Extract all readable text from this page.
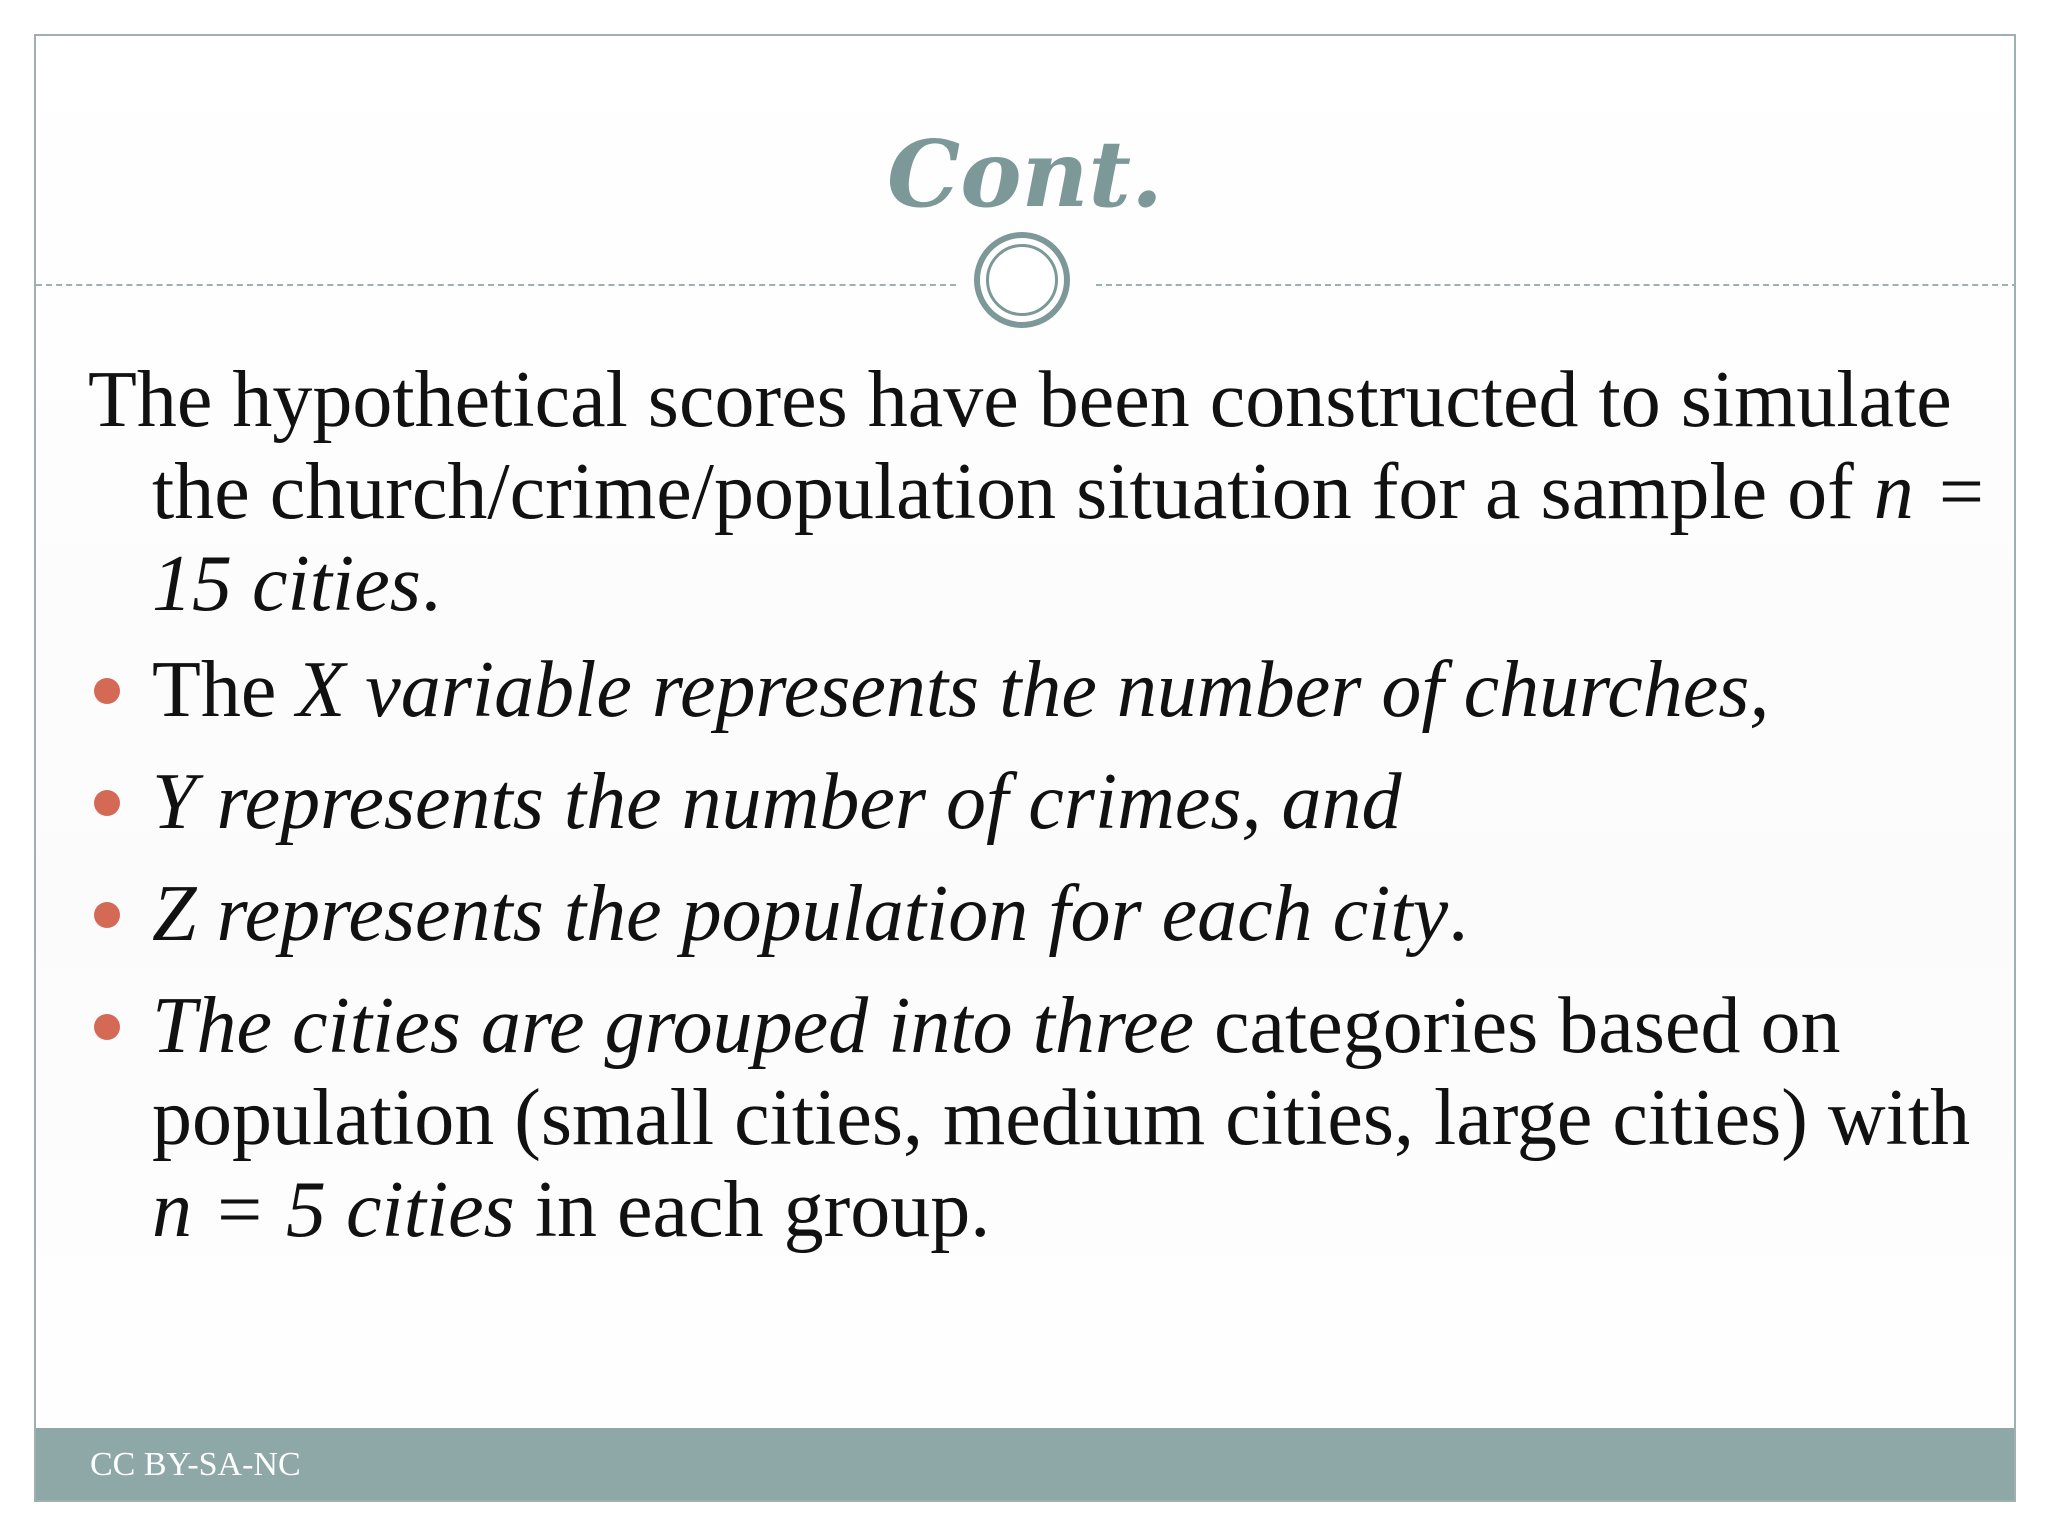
Cont.

The hypothetical scores have been constructed to simulate the church/crime/population situation for a sample of n = 15 cities.

The X variable represents the number of churches,
Y represents the number of crimes, and
Z represents the population for each city.
The cities are grouped into three categories based on population (small cities, medium cities, large cities) with n = 5 cities in each group.
CC BY-SA-NC
